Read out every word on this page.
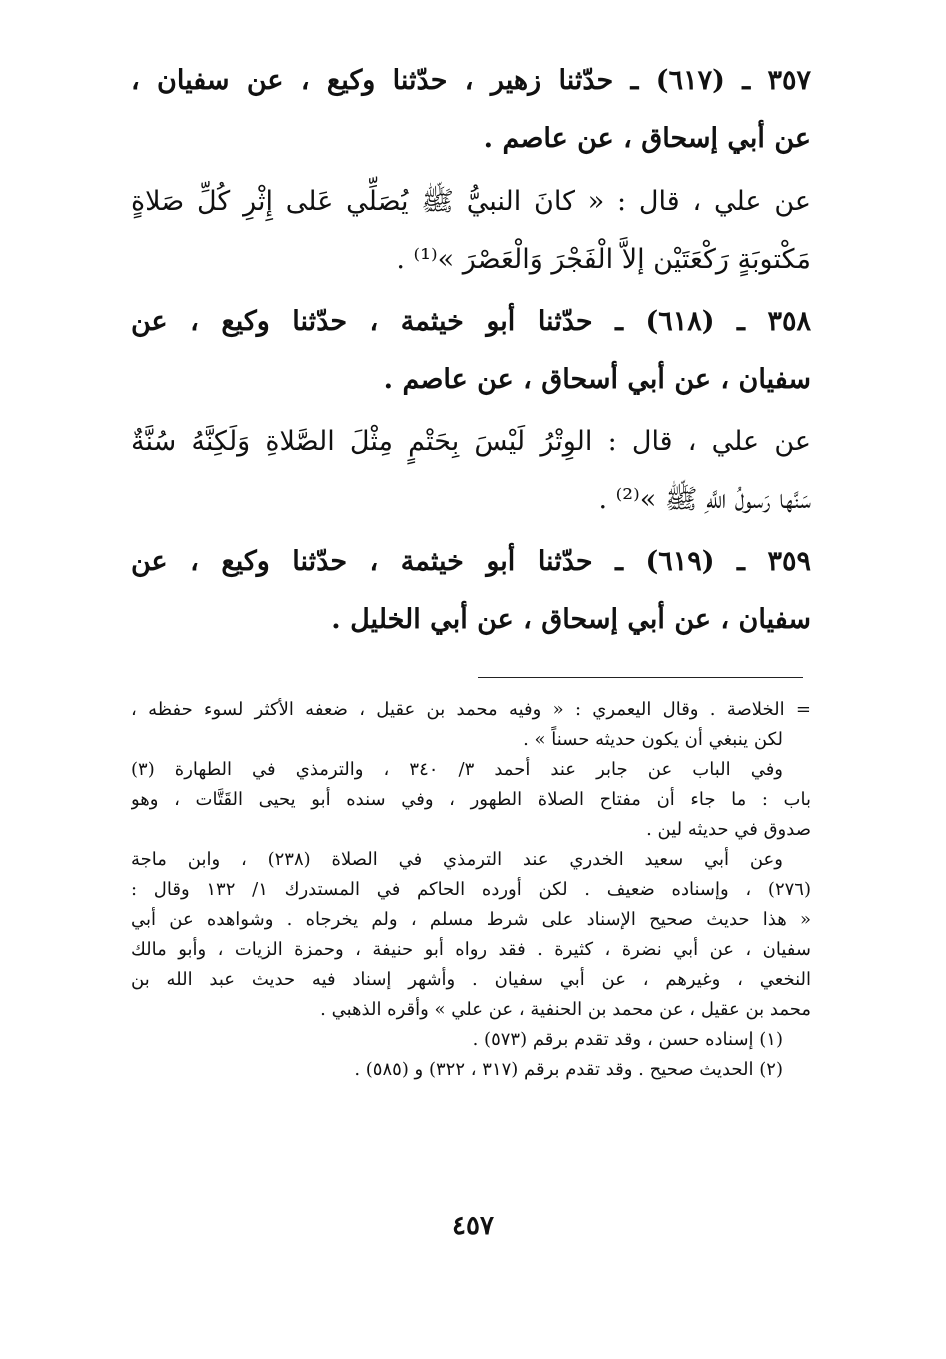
٣٥٧ ـ (٦١٧) ـ حدّثنا زهير ، حدّثنا وكيع ، عن سفيان ،
عن أبي إسحاق ، عن عاصم .
عن علي ، قال : « كانَ النبيُّ ﷺ يُصَلِّي عَلى إِثْرِ كُلِّ صَلاةٍ
مَكْتوبَةٍ رَكْعَتَيْن إلاَّ الْفَجْرَ وَالْعَصْرَ »⁽¹⁾ .
٣٥٨ ـ (٦١٨) ـ حدّثنا أبو خيثمة ، حدّثنا وكيع ، عن
سفيان ، عن أبي أسحاق ، عن عاصم .
عن علي ، قال : الوِتْرُ لَيْسَ بِحَتْمٍ مِثْلَ الصَّلاةِ وَلَكِنَّهُ سُنَّةٌ
سَنَّها رَسولُ اللَّهِ ﷺ »⁽²⁾ .
٣٥٩ ـ (٦١٩) ـ حدّثنا أبو خيثمة ، حدّثنا وكيع ، عن
سفيان ، عن أبي إسحاق ، عن أبي الخليل .
= الخلاصة . وقال اليعمري : « وفيه محمد بن عقيل ، ضعفه الأكثر لسوء حفظه ،
لكن ينبغي أن يكون حديثه حسناً » .
وفي الباب عن جابر عند أحمد ٣/ ٣٤٠ ، والترمذي في الطهارة (٣)
باب : ما جاء أن مفتاح الصلاة الطهور ، وفي سنده أبو يحيى القَتَّات ، وهو
صدوق في حديثه لين .
وعن أبي سعيد الخدري عند الترمذي في الصلاة (٢٣٨) ، وابن ماجة
(٢٧٦) ، وإسناده ضعيف . لكن أورده الحاكم في المستدرك ١/ ١٣٢ وقال :
« هذا حديث صحيح الإسناد على شرط مسلم ، ولم يخرجاه . وشواهده عن أبي
سفيان ، عن أبي نضرة ، كثيرة . فقد رواه أبو حنيفة ، وحمزة الزيات ، وأبو مالك
النخعي ، وغيرهم ، عن أبي سفيان . وأشهر إسناد فيه حديث عبد الله بن
محمد بن عقيل ، عن محمد بن الحنفية ، عن علي » وأقره الذهبي .
(١) إسناده حسن ، وقد تقدم برقم (٥٧٣) .
(٢) الحديث صحيح . وقد تقدم برقم (٣١٧ ، ٣٢٢) و (٥٨٥) .
٤٥٧
